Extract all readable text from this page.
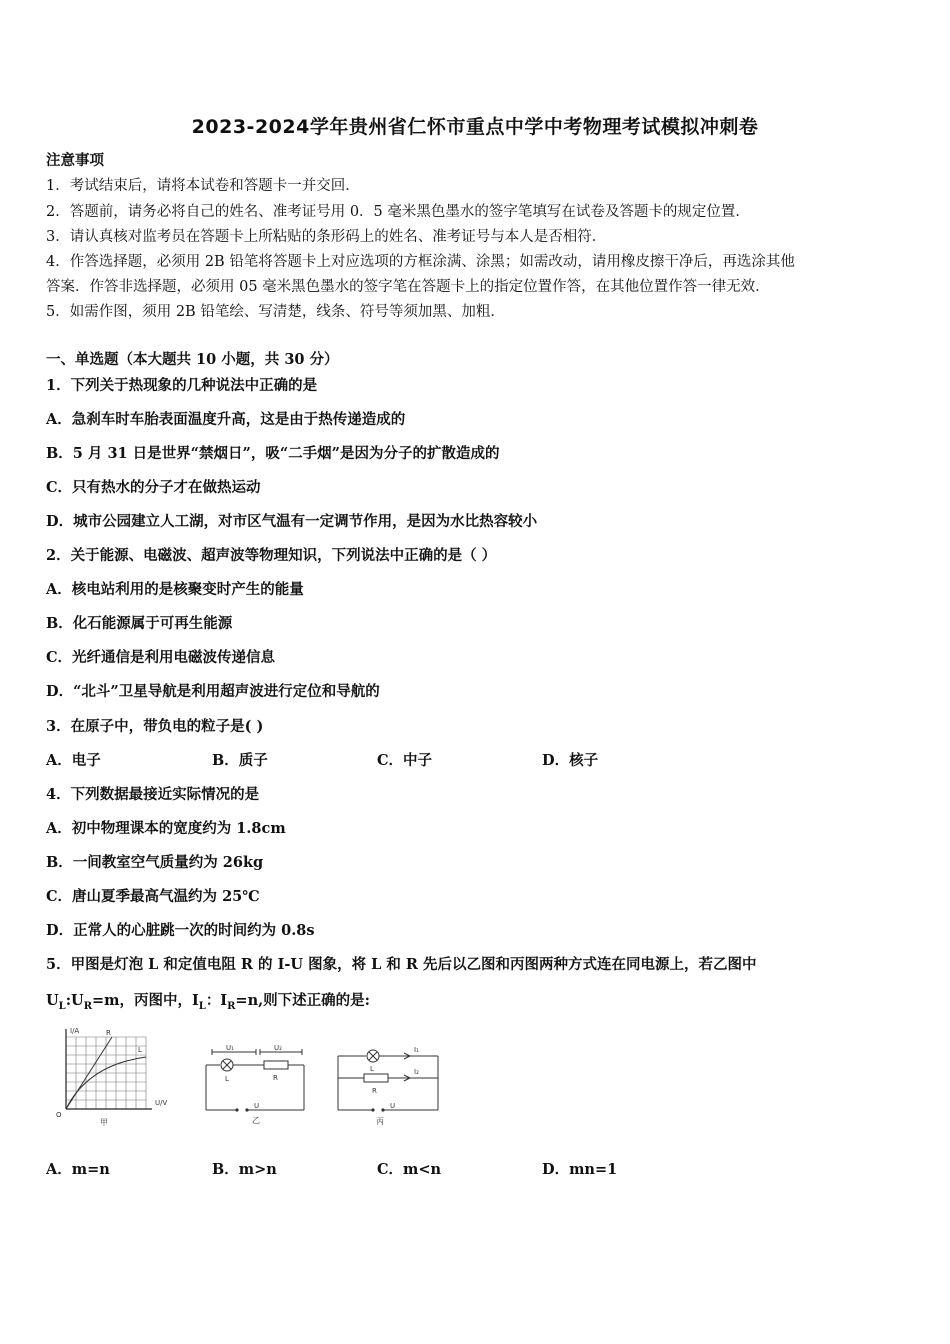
2023-2024学年贵州省仁怀市重点中学中考物理考试模拟冲刺卷
注意事项
1．考试结束后，请将本试卷和答题卡一并交回．
2．答题前，请务必将自己的姓名、准考证号用 0．5 毫米黑色墨水的签字笔填写在试卷及答题卡的规定位置．
3．请认真核对监考员在答题卡上所粘贴的条形码上的姓名、准考证号与本人是否相符．
4．作答选择题，必须用 2B 铅笔将答题卡上对应选项的方框涂满、涂黑；如需改动，请用橡皮擦干净后，再选涂其他
答案．作答非选择题，必须用 05 毫米黑色墨水的签字笔在答题卡上的指定位置作答，在其他位置作答一律无效．
5．如需作图，须用 2B 铅笔绘、写清楚，线条、符号等须加黑、加粗．
一、单选题（本大题共 10 小题，共 30 分）
1．下列关于热现象的几种说法中正确的是
A．急刹车时车胎表面温度升高，这是由于热传递造成的
B．5 月 31 日是世界“禁烟日”，吸“二手烟”是因为分子的扩散造成的
C．只有热水的分子才在做热运动
D．城市公园建立人工湖，对市区气温有一定调节作用，是因为水比热容较小
2．关于能源、电磁波、超声波等物理知识，下列说法中正确的是（ ）
A．核电站利用的是核聚变时产生的能量
B．化石能源属于可再生能源
C．光纤通信是利用电磁波传递信息
D．“北斗”卫星导航是利用超声波进行定位和导航的
3．在原子中，带负电的粒子是( )
A．电子	B．质子	C．中子	D．核子
4．下列数据最接近实际情况的是
A．初中物理课本的宽度约为 1.8cm
B．一间教室空气质量约为 26kg
C．唐山夏季最高气温约为 25℃
D．正常人的心脏跳一次的时间约为 0.8s
5．甲图是灯泡 L 和定值电阻 R 的 I-U 图象，将 L 和 R 先后以乙图和丙图两种方式连在同电源上，若乙图中
$U_L:U_R=m$，丙图中，$I_L$：$I_R=n$,则下述正确的是:
I/A
U/V
O
L
R
甲
U₁	U₂
L	R
U
乙
I₁
I₂
L
R
U
丙
A．m=n	B．m>n	C．m<n	D．mn=1
